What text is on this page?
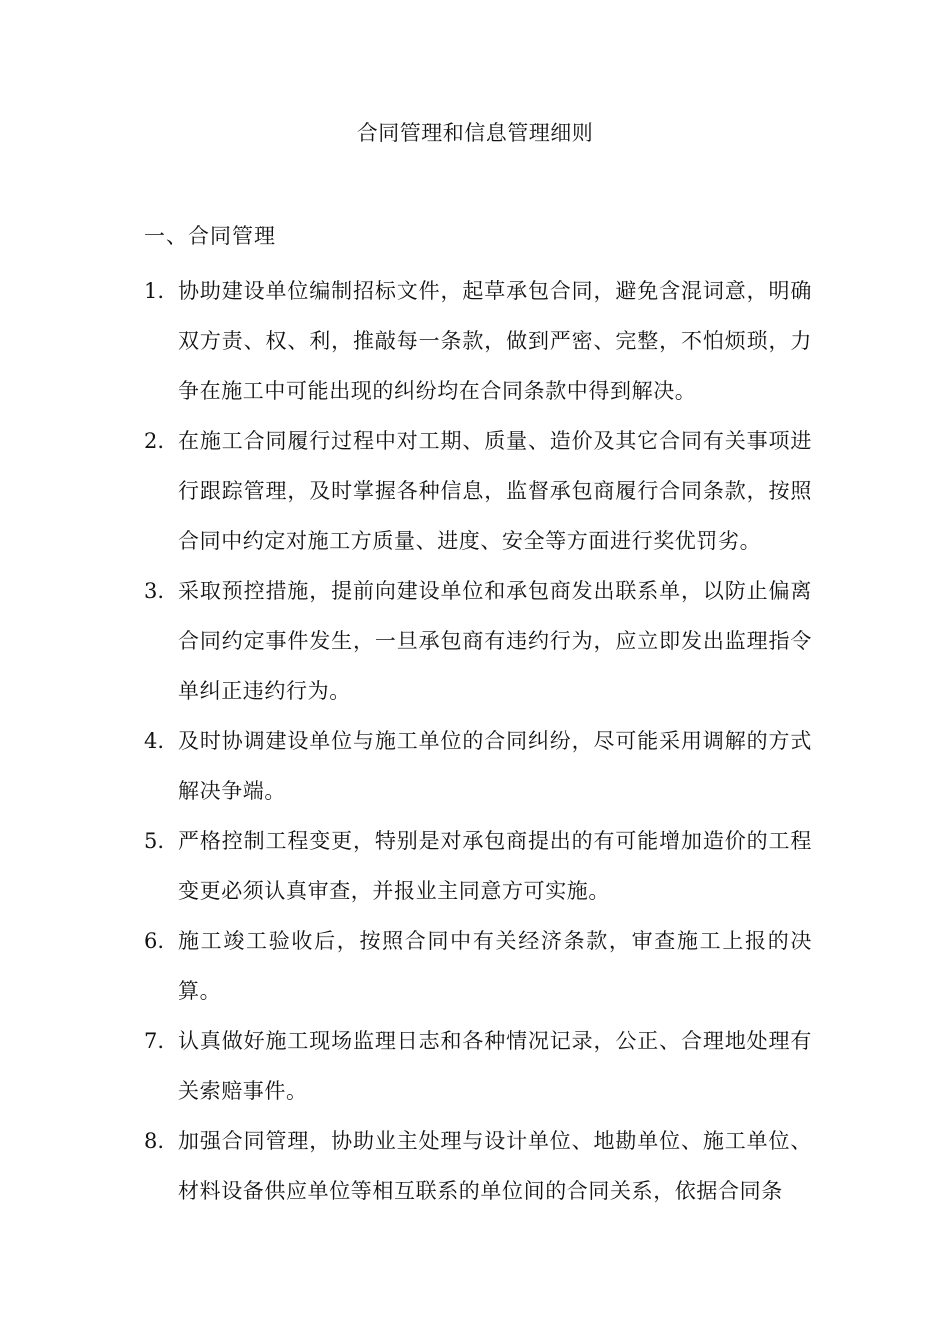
合同管理和信息管理细则
一、合同管理
1. 协助建设单位编制招标文件，起草承包合同，避免含混词意，明确双方责、权、利，推敲每一条款，做到严密、完整，不怕烦琐，力争在施工中可能出现的纠纷均在合同条款中得到解决。
2. 在施工合同履行过程中对工期、质量、造价及其它合同有关事项进行跟踪管理，及时掌握各种信息，监督承包商履行合同条款，按照合同中约定对施工方质量、进度、安全等方面进行奖优罚劣。
3. 采取预控措施，提前向建设单位和承包商发出联系单，以防止偏离合同约定事件发生，一旦承包商有违约行为，应立即发出监理指令单纠正违约行为。
4. 及时协调建设单位与施工单位的合同纠纷，尽可能采用调解的方式解决争端。
5. 严格控制工程变更，特别是对承包商提出的有可能增加造价的工程变更必须认真审查，并报业主同意方可实施。
6. 施工竣工验收后，按照合同中有关经济条款，审查施工上报的决算。
7. 认真做好施工现场监理日志和各种情况记录，公正、合理地处理有关索赔事件。
8. 加强合同管理，协助业主处理与设计单位、地勘单位、施工单位、材料设备供应单位等相互联系的单位间的合同关系，依据合同条
